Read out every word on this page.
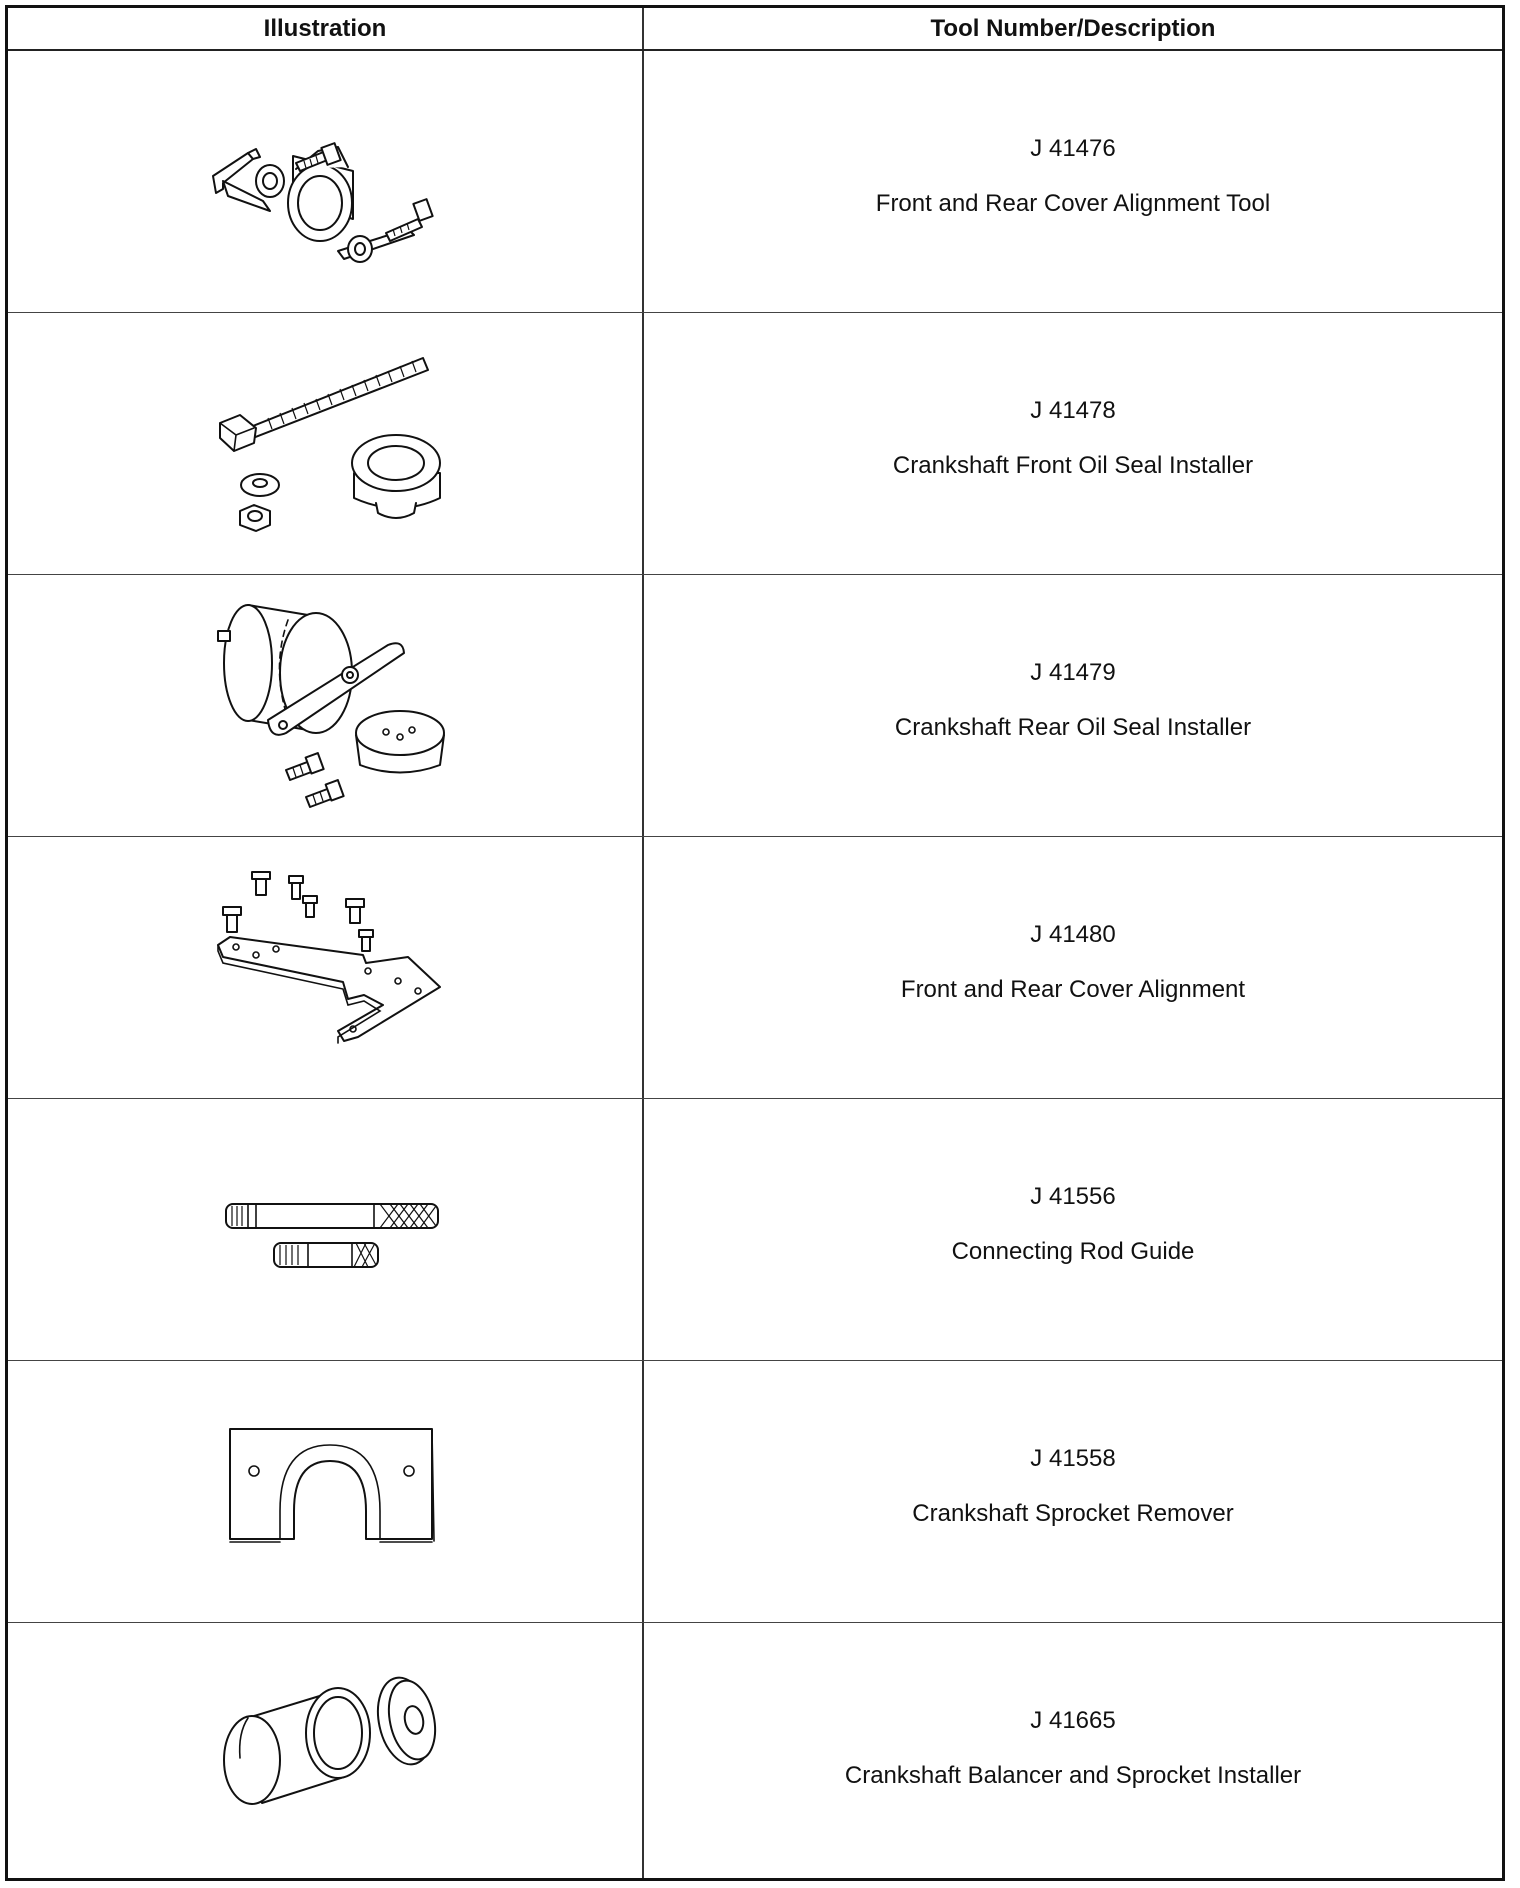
Illustration	Tool Number/Description
J 41476
Front and Rear Cover Alignment Tool
J 41478
Crankshaft Front Oil Seal Installer
J 41479
Crankshaft Rear Oil Seal Installer
J 41480
Front and Rear Cover Alignment
J 41556
Connecting Rod Guide
J 41558
Crankshaft Sprocket Remover
J 41665
Crankshaft Balancer and Sprocket Installer
